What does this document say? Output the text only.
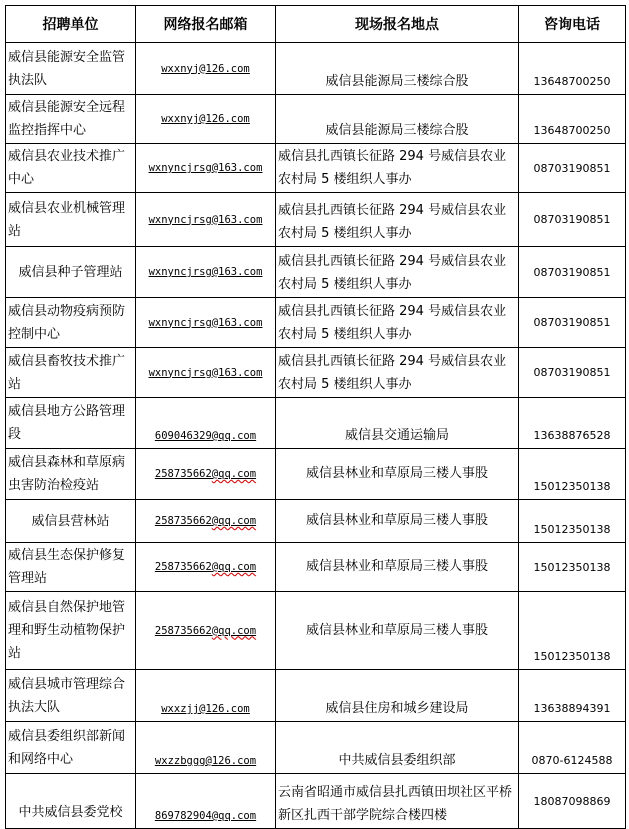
招聘单位	网络报名邮箱	现场报名地点	咨询电话
威信县能源安全监管执法队	wxxnyj@126.com	威信县能源局三楼综合股	13648700250
威信县能源安全远程监控指挥中心	wxxnyj@126.com	威信县能源局三楼综合股	13648700250
威信县农业技术推广中心	wxnyncjrsg@163.com	威信县扎西镇长征路 294 号威信县农业农村局 5 楼组织人事办	08703190851
威信县农业机械管理站	wxnyncjrsg@163.com	威信县扎西镇长征路 294 号威信县农业农村局 5 楼组织人事办	08703190851
威信县种子管理站	wxnyncjrsg@163.com	威信县扎西镇长征路 294 号威信县农业农村局 5 楼组织人事办	08703190851
威信县动物疫病预防控制中心	wxnyncjrsg@163.com	威信县扎西镇长征路 294 号威信县农业农村局 5 楼组织人事办	08703190851
威信县畜牧技术推广站	wxnyncjrsg@163.com	威信县扎西镇长征路 294 号威信县农业农村局 5 楼组织人事办	08703190851
威信县地方公路管理段	609046329@qq.com	威信县交通运输局	13638876528
威信县森林和草原病虫害防治检疫站	258735662@qq.com	威信县林业和草原局三楼人事股	15012350138
威信县营林站	258735662@qq.com	威信县林业和草原局三楼人事股	15012350138
威信县生态保护修复管理站	258735662@qq.com	威信县林业和草原局三楼人事股	15012350138
威信县自然保护地管理和野生动植物保护站	258735662@qq.com	威信县林业和草原局三楼人事股	15012350138
威信县城市管理综合执法大队	wxxzjj@126.com	威信县住房和城乡建设局	13638894391
威信县委组织部新闻和网络中心	wxzzbggg@126.com	中共威信县委组织部	0870-6124588
中共威信县委党校	869782904@qq.com	云南省昭通市威信县扎西镇田坝社区平桥新区扎西干部学院综合楼四楼	18087098869
